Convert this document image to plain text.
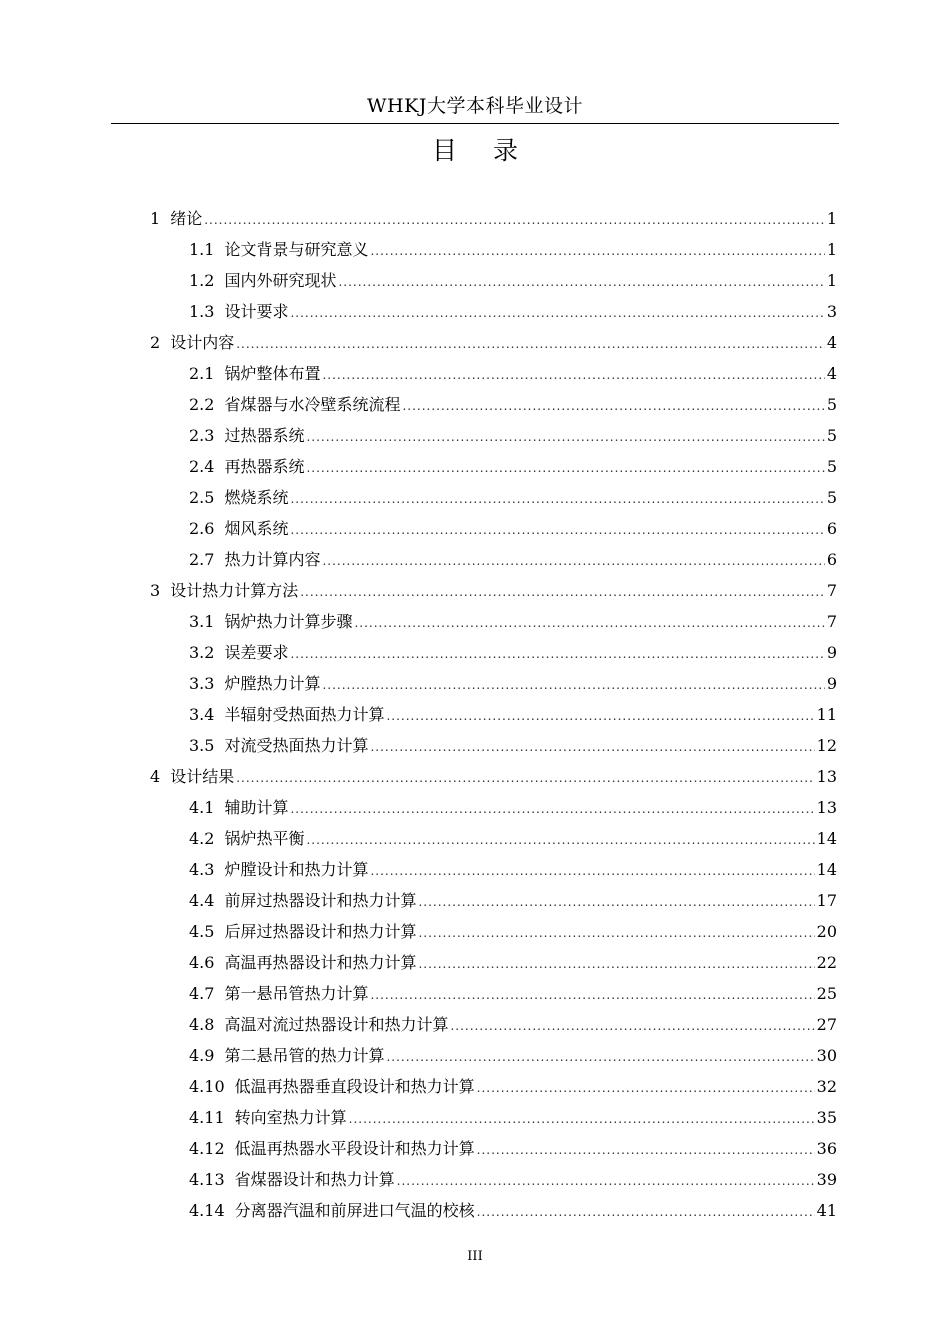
WHKJ大学本科毕业设计
目 录
1 绪论 .....	1
1.1 论文背景与研究意义 .....	1
1.2 国内外研究现状 .....	1
1.3 设计要求 .....	3
2 设计内容 .....	4
2.1 锅炉整体布置 .....	4
2.2 省煤器与水冷壁系统流程 .....	5
2.3 过热器系统 .....	5
2.4 再热器系统 .....	5
2.5 燃烧系统 .....	5
2.6 烟风系统 .....	6
2.7 热力计算内容 .....	6
3 设计热力计算方法 .....	7
3.1 锅炉热力计算步骤 .....	7
3.2 误差要求 .....	9
3.3 炉膛热力计算 .....	9
3.4 半辐射受热面热力计算 .....	11
3.5 对流受热面热力计算 .....	12
4 设计结果 .....	13
4.1 辅助计算 .....	13
4.2 锅炉热平衡 .....	14
4.3 炉膛设计和热力计算 .....	14
4.4 前屏过热器设计和热力计算 .....	17
4.5 后屏过热器设计和热力计算 .....	20
4.6 高温再热器设计和热力计算 .....	22
4.7 第一悬吊管热力计算 .....	25
4.8 高温对流过热器设计和热力计算 .....	27
4.9 第二悬吊管的热力计算 .....	30
4.10 低温再热器垂直段设计和热力计算 .....	32
4.11 转向室热力计算 .....	35
4.12 低温再热器水平段设计和热力计算 .....	36
4.13 省煤器设计和热力计算 .....	39
4.14 分离器汽温和前屏进口气温的校核 .....	41
III
